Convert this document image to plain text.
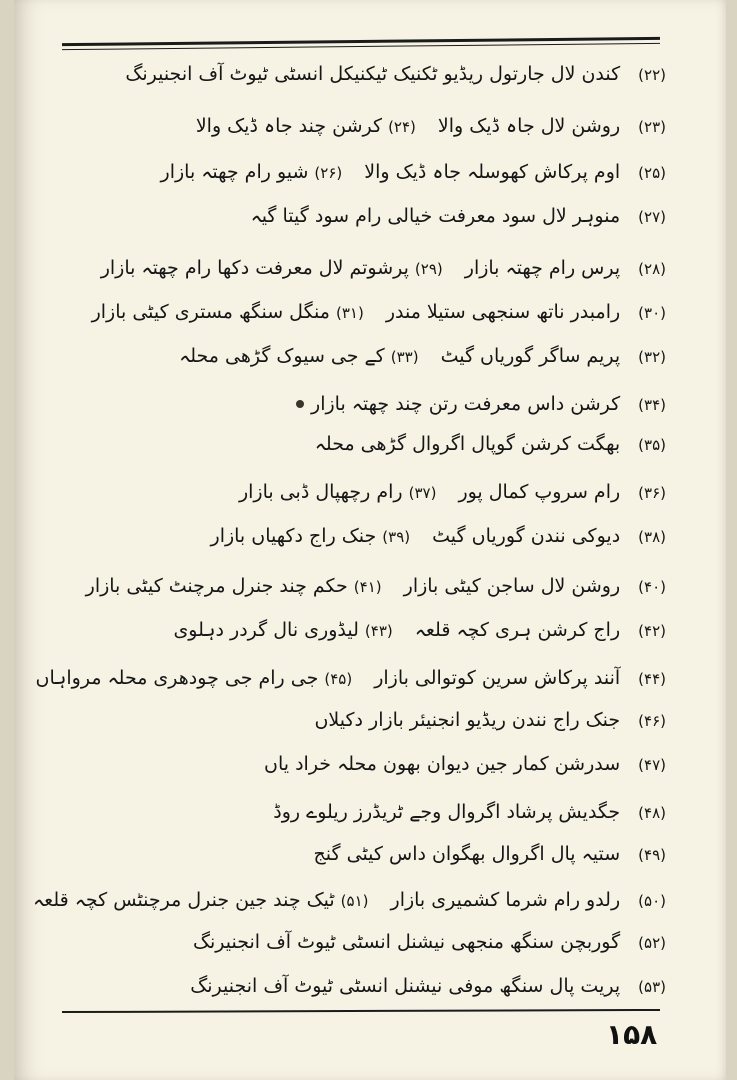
(۲۲)کندن لال جارتول ریڈیو ٹکنیک ٹیکنیکل انسٹی ٹیوٹ آف انجنیرنگ
(۲۳)روشن لال جاہ ڈیک والا(۲۴)کرشن چند جاہ ڈیک والا
(۲۵)اوم پرکاش کھوسلہ جاہ ڈیک والا(۲۶)شیو رام چھتہ بازار
(۲۷)منوہر لال سود معرفت خیالی رام سود گیتا گیہ
(۲۸)پرس رام چھتہ بازار(۲۹)پرشوتم لال معرفت دکھا رام چھتہ بازار
(۳۰)رامبدر ناتھ سنجھی ستیلا مندر(۳۱)منگل سنگھ مستری کیٹی بازار
(۳۲)پریم ساگر گوریاں گیٹ(۳۳)کے جی سیوک گڑھی محلہ
(۳۴)کرشن داس معرفت رتن چند چھتہ بازار
(۳۵)بھگت کرشن گوپال اگروال گڑھی محلہ
(۳۶)رام سروپ کمال پور(۳۷)رام رچھپال ڈبی بازار
(۳۸)دیوکی نندن گوریاں گیٹ(۳۹)جنک راج دکھیاں بازار
(۴۰)روشن لال ساجن کیٹی بازار(۴۱)حکم چند جنرل مرچنٹ کیٹی بازار
(۴۲)راج کرشن ہری کچہ قلعہ(۴۳)لیڈوری نال گردر دہلوی
(۴۴)آنند پرکاش سرین کوتوالی بازار(۴۵)جی رام جی چودھری محلہ مرواہاں
(۴۶)جنک راج نندن ریڈیو انجنیئر بازار دکیلاں
(۴۷)سدرشن کمار جین دیوان بھون محلہ خراد یاں
(۴۸)جگدیش پرشاد اگروال وجے ٹریڈرز ریلوے روڈ
(۴۹)ستیہ پال اگروال بھگوان داس کیٹی گنج
(۵۰)رلدو رام شرما کشمیری بازار(۵۱)ٹیک چند جین جنرل مرچنٹس کچہ قلعہ
(۵۲)گوربچن سنگھ منجھی نیشنل انسٹی ٹیوٹ آف انجنیرنگ
(۵۳)پریت پال سنگھ موفی نیشنل انسٹی ٹیوٹ آف انجنیرنگ
۱۵۸
